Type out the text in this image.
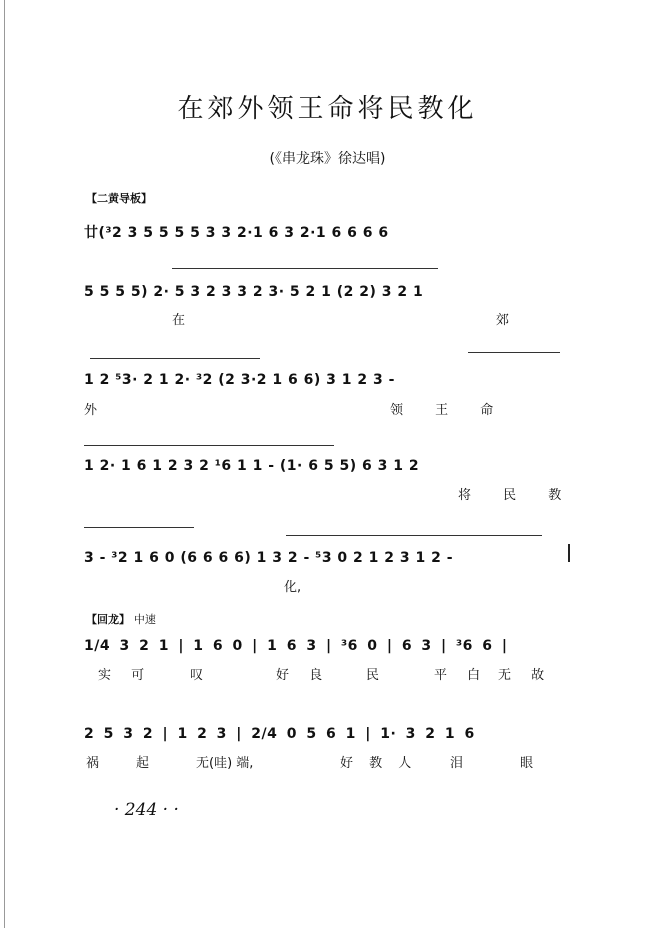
在郊外领王命将民教化
(《串龙珠》徐达唱)
【二黄导板】
廿(³2 3 5 5 5 5 3 3 2·1 6 3 2·1 6 6 6 6
5 5 5 5) 2· 5 3 2 3 3 2 3· 5 2 1 (2 2) 3 2 1
在	郊
1 2 ⁵3· 2 1 2· ³2 (2 3·2 1 6 6) 3 1 2 3 -
外	领 王 命
1 2· 1 6 1 2 3 2 ¹6 1 1 - (1· 6 5 5) 6 3 1 2
将 民 教
3 - ³2 1 6 0 (6 6 6 6) 1 3 2 - ⁵3 0 2 1 2 3 1 2 -
化,
【回龙】 中速
1/4 3 2 1 | 1 6 0 | 1 6 3 | ³6 0 | 6 3 | ³6 6 |
实 可	叹	好 良	民	平 白 无 故
2 5 3 2 | 1 2 3 | 2/4 0 5 6 1 | 1· 3 2 1 6
祸	起	无(哇) 端,	好 教 人	泪	眼
· 244 · ·
